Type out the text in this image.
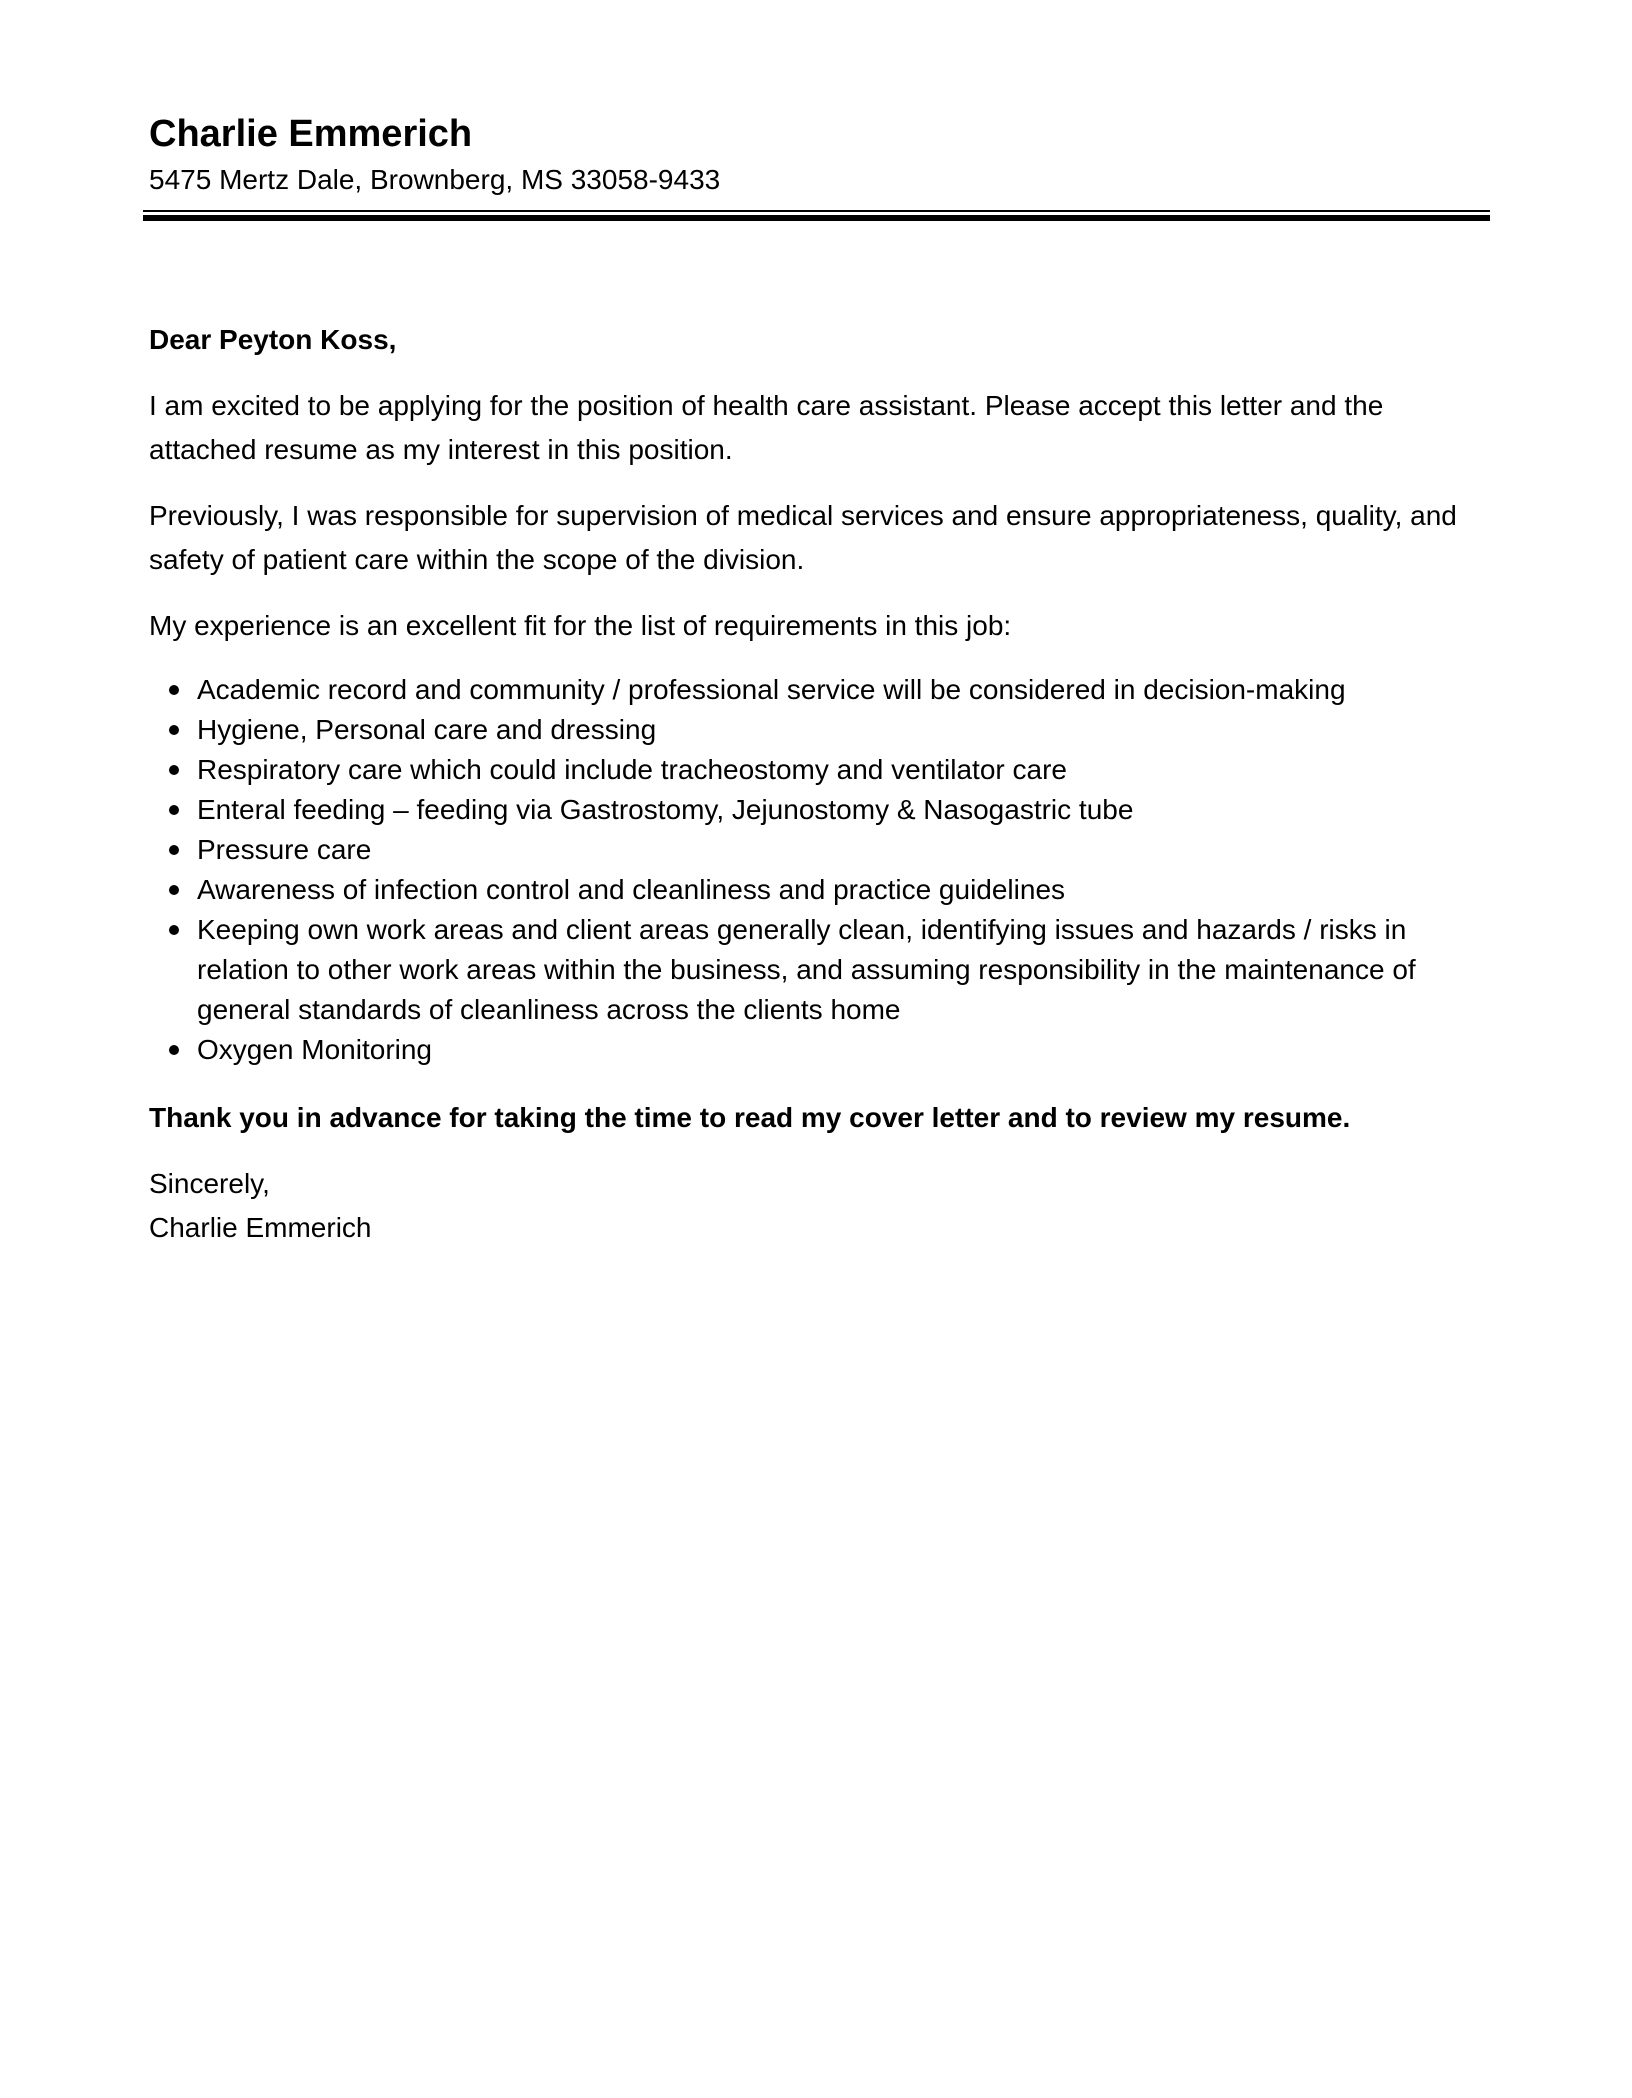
Charlie Emmerich

5475 Mertz Dale, Brownberg, MS 33058-9433

Dear Peyton Koss,

I am excited to be applying for the position of health care assistant. Please accept this letter and the attached resume as my interest in this position.

Previously, I was responsible for supervision of medical services and ensure appropriateness, quality, and safety of patient care within the scope of the division.

My experience is an excellent fit for the list of requirements in this job:

Academic record and community / professional service will be considered in decision-making
Hygiene, Personal care and dressing
Respiratory care which could include tracheostomy and ventilator care
Enteral feeding – feeding via Gastrostomy, Jejunostomy & Nasogastric tube
Pressure care
Awareness of infection control and cleanliness and practice guidelines
Keeping own work areas and client areas generally clean, identifying issues and hazards / risks in relation to other work areas within the business, and assuming responsibility in the maintenance of general standards of cleanliness across the clients home
Oxygen Monitoring

Thank you in advance for taking the time to read my cover letter and to review my resume.

Sincerely,

Charlie Emmerich
